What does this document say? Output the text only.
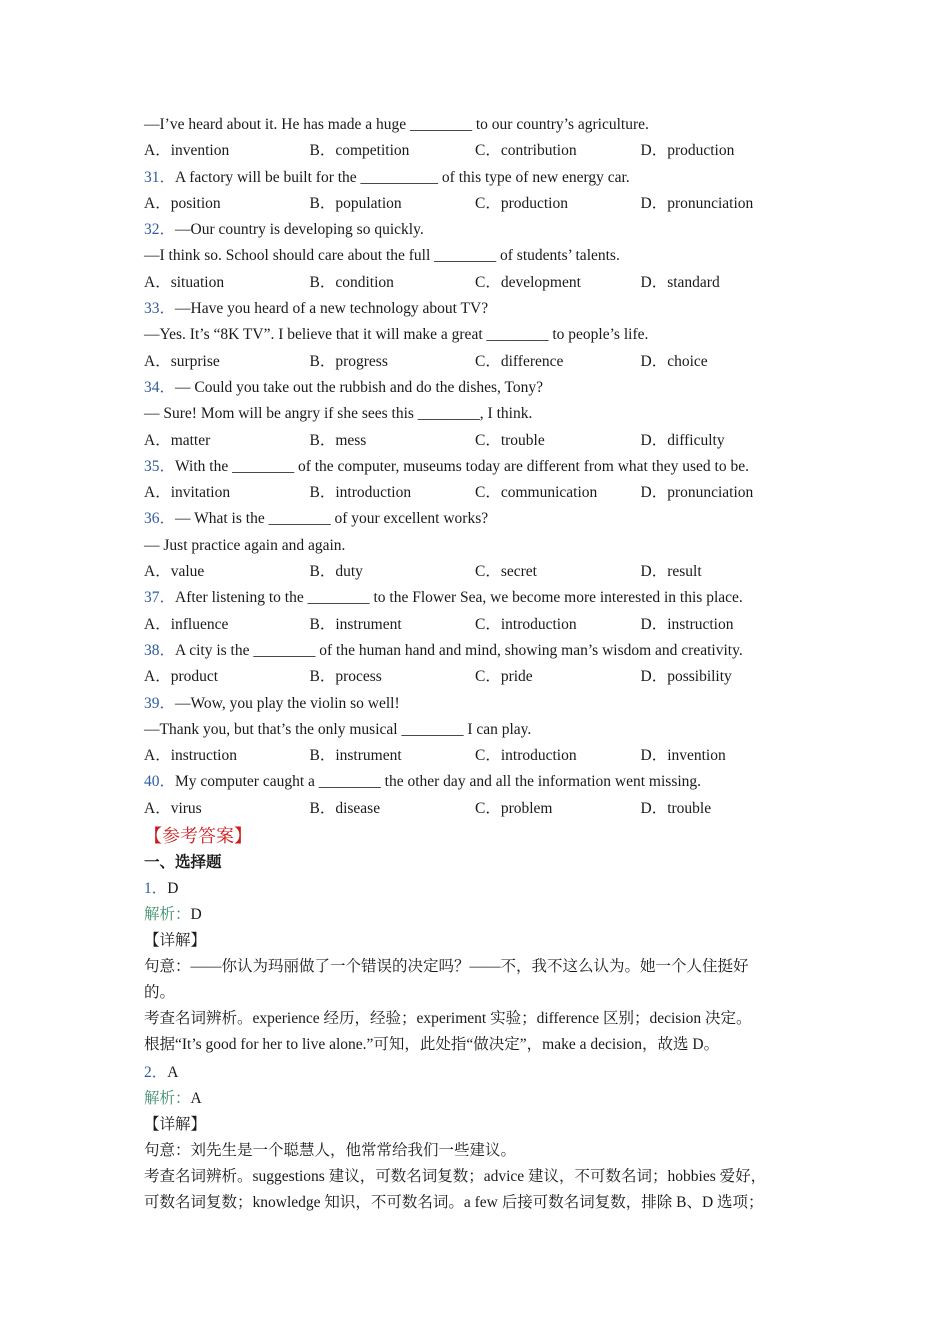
—I’ve heard about it. He has made a huge ________ to our country’s agriculture.
A．invention	B．competition	C．contribution	D．production
31．A factory will be built for the __________ of this type of new energy car.
A．position	B．population	C．production	D．pronunciation
32．—Our country is developing so quickly.
—I think so. School should care about the full ________ of students’ talents.
A．situation	B．condition	C．development	D．standard
33．—Have you heard of a new technology about TV?
—Yes. It’s “8K TV”. I believe that it will make a great ________ to people’s life.
A．surprise	B．progress	C．difference	D．choice
34．— Could you take out the rubbish and do the dishes, Tony?
— Sure! Mom will be angry if she sees this ________, I think.
A．matter	B．mess	C．trouble	D．difficulty
35．With the ________ of the computer, museums today are different from what they used to be.
A．invitation	B．introduction	C．communication	D．pronunciation
36．— What is the ________ of your excellent works?
— Just practice again and again.
A．value	B．duty	C．secret	D．result
37．After listening to the ________ to the Flower Sea, we become more interested in this place.
A．influence	B．instrument	C．introduction	D．instruction
38．A city is the ________ of the human hand and mind, showing man’s wisdom and creativity.
A．product	B．process	C．pride	D．possibility
39．—Wow, you play the violin so well!
—Thank you, but that’s the only musical ________ I can play.
A．instruction	B．instrument	C．introduction	D．invention
40．My computer caught a ________ the other day and all the information went missing.
A．virus	B．disease	C．problem	D．trouble
【参考答案】
一、选择题
1．D
解析：D
【详解】
句意：——你认为玛丽做了一个错误的决定吗？——不，我不这么认为。她一个人住挺好
的。
考查名词辨析。experience 经历，经验；experiment 实验；difference 区别；decision 决定。
根据“It’s good for her to live alone.”可知，此处指“做决定”，make a decision，故选 D。
2．A
解析：A
【详解】
句意：刘先生是一个聪慧人，他常常给我们一些建议。
考查名词辨析。suggestions 建议，可数名词复数；advice 建议，不可数名词；hobbies 爱好，
可数名词复数；knowledge 知识，不可数名词。a few 后接可数名词复数，排除 B、D 选项；
